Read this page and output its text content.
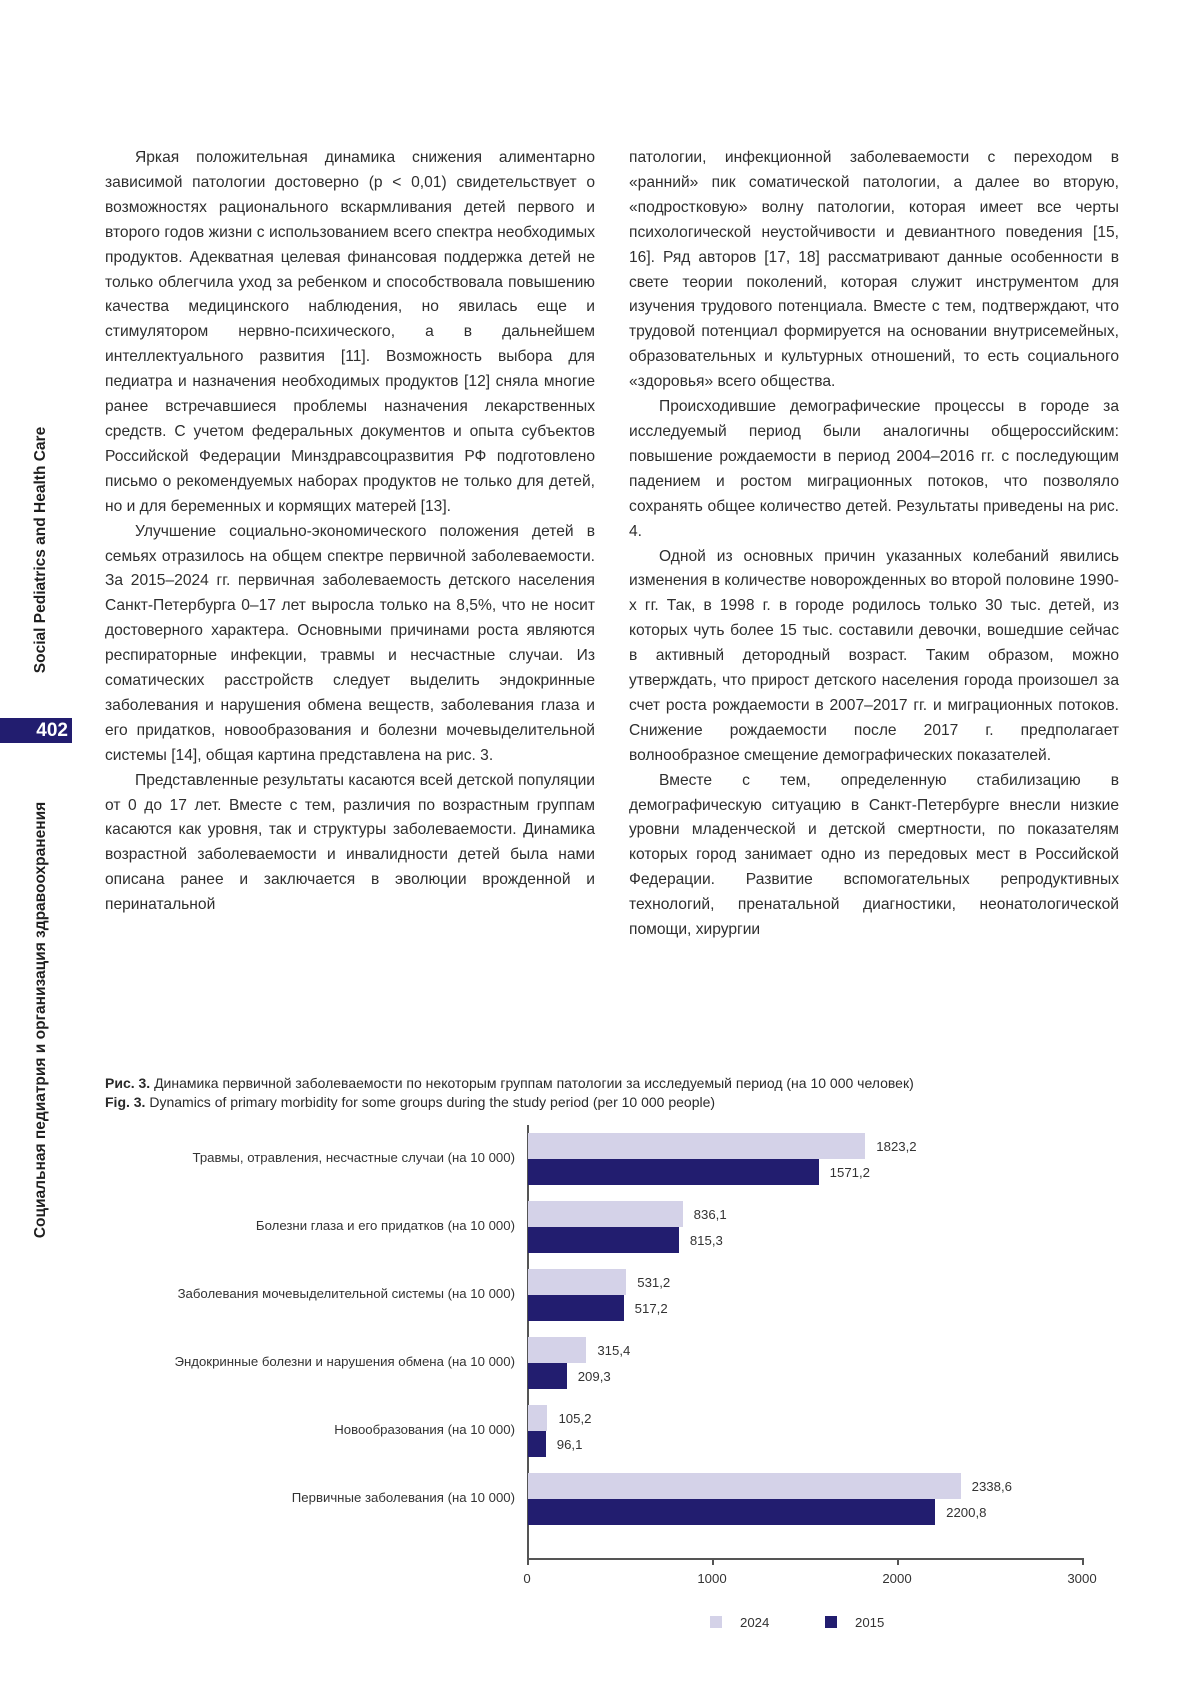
Social Pediatrics and Health Care
402
Социальная педиатрия и организация здравоохранения

Яркая положительная динамика снижения алиментарно зависимой патологии достоверно (p < 0,01) свидетельствует о возможностях рационального вскармливания детей первого и второго годов жизни с использованием всего спектра необходимых продуктов. Адекватная целевая финансовая поддержка детей не только облегчила уход за ребенком и способствовала повышению качества медицинского наблюдения, но явилась еще и стимулятором нервно-психического, а в дальнейшем интеллектуального развития [11]. Возможность выбора для педиатра и назначения необходимых продуктов [12] сняла многие ранее встречавшиеся проблемы назначения лекарственных средств. С учетом федеральных документов и опыта субъектов Российской Федерации Минздравсоцразвития РФ подготовлено письмо о рекомендуемых наборах продуктов не только для детей, но и для беременных и кормящих матерей [13].

Улучшение социально-экономического положения детей в семьях отразилось на общем спектре первичной заболеваемости. За 2015–2024 гг. первичная заболеваемость детского населения Санкт-Петербурга 0–17 лет выросла только на 8,5%, что не носит достоверного характера. Основными причинами роста являются респираторные инфекции, травмы и несчастные случаи. Из соматических расстройств следует выделить эндокринные заболевания и нарушения обмена веществ, заболевания глаза и его придатков, новообразования и болезни мочевыделительной системы [14], общая картина представлена на рис. 3.

Представленные результаты касаются всей детской популяции от 0 до 17 лет. Вместе с тем, различия по возрастным группам касаются как уровня, так и структуры заболеваемости. Динамика возрастной заболеваемости и инвалидности детей была нами описана ранее и заключается в эволюции врожденной и перинатальной

патологии, инфекционной заболеваемости с переходом в «ранний» пик соматической патологии, а далее во вторую, «подростковую» волну патологии, которая имеет все черты психологической неустойчивости и девиантного поведения [15, 16]. Ряд авторов [17, 18] рассматривают данные особенности в свете теории поколений, которая служит инструментом для изучения трудового потенциала. Вместе с тем, подтверждают, что трудовой потенциал формируется на основании внутрисемейных, образовательных и культурных отношений, то есть социального «здоровья» всего общества.

Происходившие демографические процессы в городе за исследуемый период были аналогичны общероссийским: повышение рождаемости в период 2004–2016 гг. с последующим падением и ростом миграционных потоков, что позволяло сохранять общее количество детей. Результаты приведены на рис. 4.

Одной из основных причин указанных колебаний явились изменения в количестве новорожденных во второй половине 1990-х гг. Так, в 1998 г. в городе родилось только 30 тыс. детей, из которых чуть более 15 тыс. составили девочки, вошедшие сейчас в активный детородный возраст. Таким образом, можно утверждать, что прирост детского населения города произошел за счет роста рождаемости в 2007–2017 гг. и миграционных потоков. Снижение рождаемости после 2017 г. предполагает волнообразное смещение демографических показателей.

Вместе с тем, определенную стабилизацию в демографическую ситуацию в Санкт-Петербурге внесли низкие уровни младенческой и детской смертности, по показателям которых город занимает одно из передовых мест в Российской Федерации. Развитие вспомогательных репродуктивных технологий, пренатальной диагностики, неонатологической помощи, хирургии

Рис. 3. Динамика первичной заболеваемости по некоторым группам патологии за исследуемый период (на 10 000 человек)
Fig. 3. Dynamics of primary morbidity for some groups during the study period (per 10 000 people)
Травмы, отравления, несчастные случаи (на 10 000)
Болезни глаза и его придатков (на 10 000)
Заболевания мочевыделительной системы (на 10 000)
Эндокринные болезни и нарушения обмена (на 10 000)
Новообразования (на 10 000)
Первичные заболевания (на 10 000)
1823,2
1571,2
836,1
815,3
531,2
517,2
315,4
209,3
105,2
96,1
2338,6
2200,8
0	1000	2000	3000
2024	2015
